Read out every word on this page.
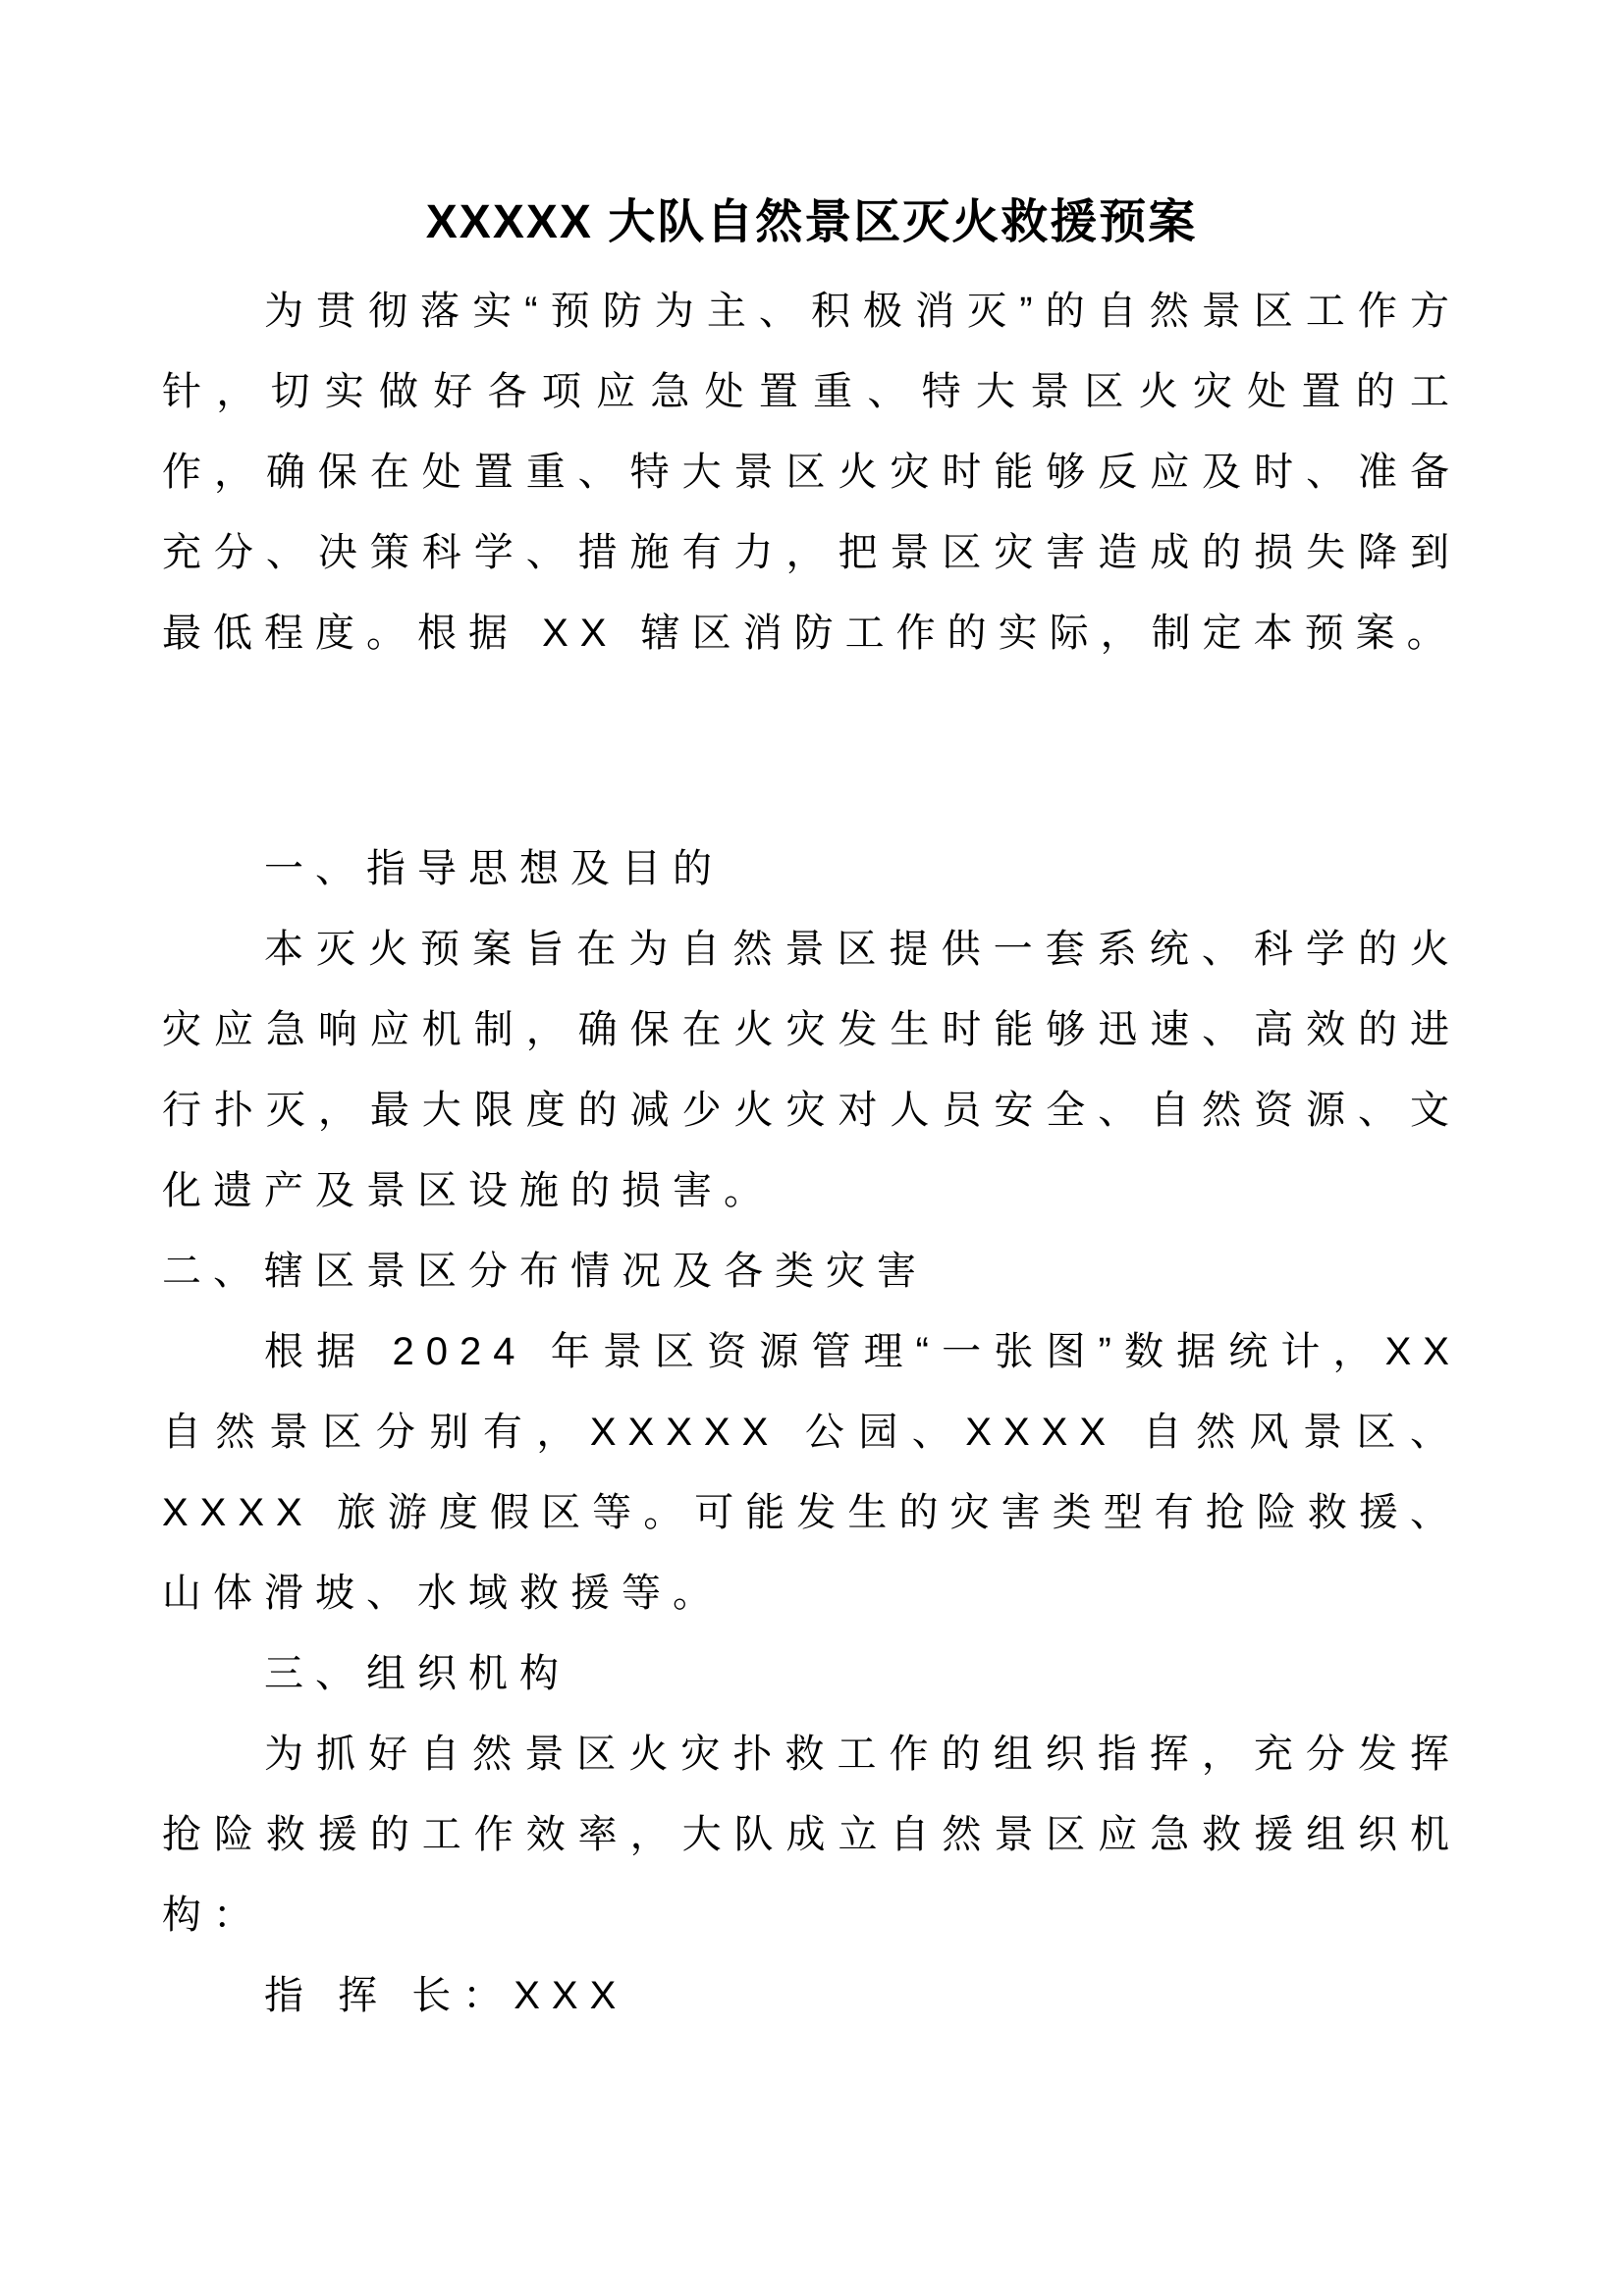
XXXXX 大队自然景区灭火救援预案

为贯彻落实“预防为主、积极消灭”的自然景区工作方针，切实做好各项应急处置重、特大景区火灾处置的工作，确保在处置重、特大景区火灾时能够反应及时、准备充分、决策科学、措施有力，把景区灾害造成的损失降到最低程度。根据 XX 辖区消防工作的实际，制定本预案。

一、指导思想及目的

本灭火预案旨在为自然景区提供一套系统、科学的火灾应急响应机制，确保在火灾发生时能够迅速、高效的进行扑灭，最大限度的减少火灾对人员安全、自然资源、文化遗产及景区设施的损害。

二、辖区景区分布情况及各类灾害

根据 2024 年景区资源管理“一张图”数据统计，XX 自然景区分别有，XXXXX 公园、XXXX 自然风景区、XXXX 旅游度假区等。可能发生的灾害类型有抢险救援、山体滑坡、水域救援等。

三、组织机构

为抓好自然景区火灾扑救工作的组织指挥，充分发挥抢险救援的工作效率，大队成立自然景区应急救援组织机构：

指 挥 长：XXX
